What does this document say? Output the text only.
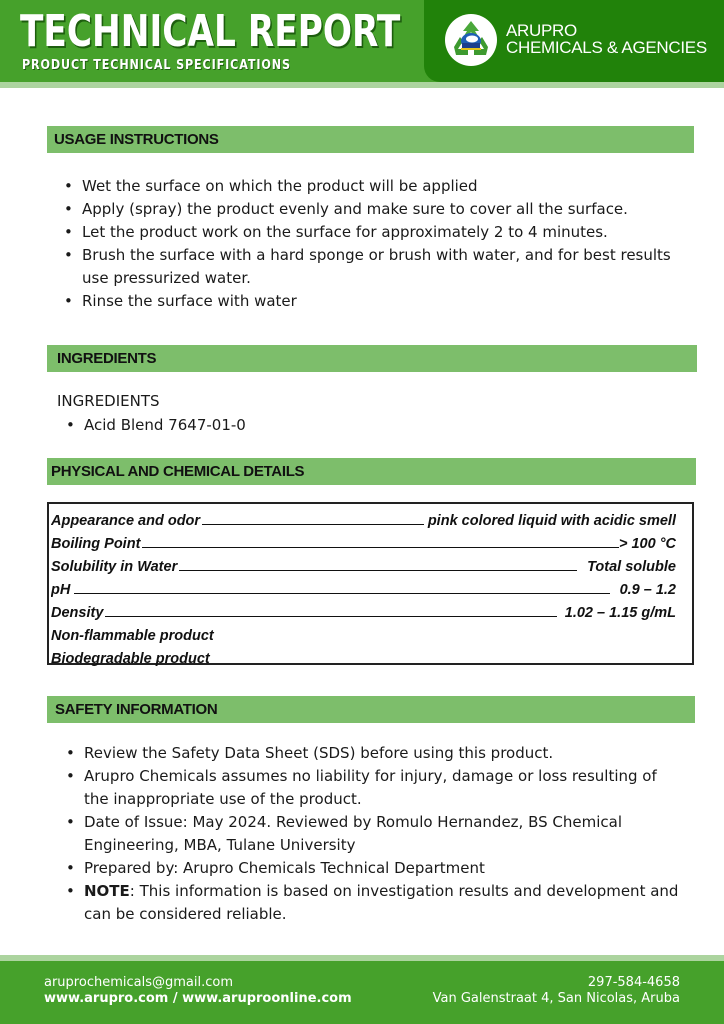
TECHNICAL REPORT
PRODUCT TECHNICAL SPECIFICATIONS
ARUPRO
CHEMICALS & AGENCIES
USAGE INSTRUCTIONS
• Wet the surface on which the product will be applied
• Apply (spray) the product evenly and make sure to cover all the surface.
• Let the product work on the surface for approximately 2 to 4 minutes.
• Brush the surface with a hard sponge or brush with water, and for best results use pressurized water.
• Rinse the surface with water
INGREDIENTS
INGREDIENTS
• Acid Blend 7647-01-0
PHYSICAL AND CHEMICAL DETAILS
Appearance and odor	pink colored liquid with acidic smell
Boiling Point	> 100 °C
Solubility in Water	Total soluble
pH	0.9 – 1.2
Density	1.02 – 1.15 g/mL
Non-flammable product
Biodegradable product
SAFETY INFORMATION
• Review the Safety Data Sheet (SDS) before using this product.
• Arupro Chemicals assumes no liability for injury, damage or loss resulting of the inappropriate use of the product.
• Date of Issue: May 2024. Reviewed by Romulo Hernandez, BS Chemical Engineering, MBA, Tulane University
• Prepared by: Arupro Chemicals Technical Department
• NOTE: This information is based on investigation results and development and can be considered reliable.
aruprochemicals@gmail.com
www.arupro.com / www.aruproonline.com
297-584-4658
Van Galenstraat 4, San Nicolas, Aruba
